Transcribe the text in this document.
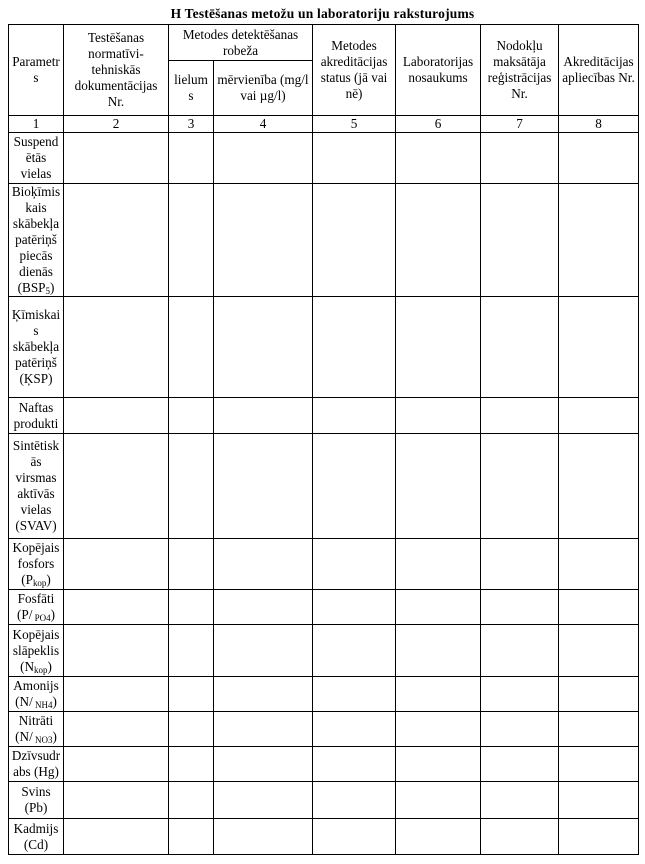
H Testēšanas metožu un laboratoriju raksturojums
Parametrs	Testēšanas normatīvi-tehniskās dokumentācijas Nr.	Metodes detektēšanas robeža		Metodes akreditācijas status (jā vai nē)	Laboratorijas nosaukums	Nodokļu maksātāja reģistrācijas Nr.	Akreditācijas apliecības Nr.
		lielums	mērvienība (mg/l vai µg/l)				
1	2	3	4	5	6	7	8
Suspendētās vielas							
Bioķīmiskais skābekļa patēriņš piecās dienās $(BSP_5)$							
Ķīmiskais skābekļa patēriņš (ĶSP)							
Naftas produkti							
Sintētiskās virsmas aktīvās vielas (SVAV)							
Kopējais fosfors $(P_{kop})$							
Fosfāti (P/ $_{PO4}$)							
Kopējais slāpeklis $(N_{kop})$							
Amonijs (N/ $_{NH4}$)							
Nitrāti (N/ $_{NO3}$)							
Dzīvsudrabs (Hg)							
Svins (Pb)							
Kadmijs (Cd)							
